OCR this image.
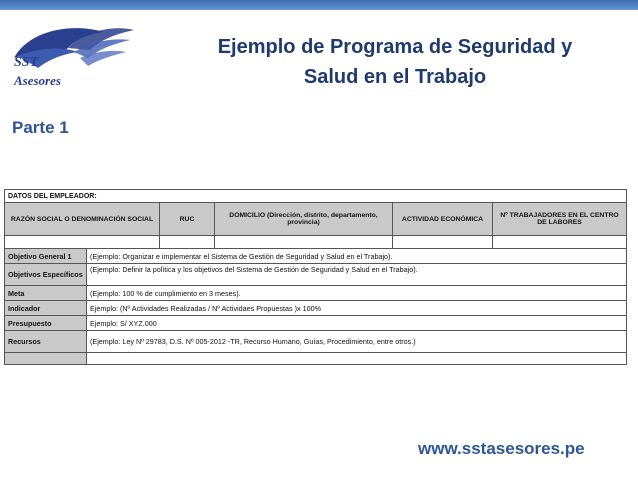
SST
Asesores
Ejemplo de Programa de Seguridad y
Salud en el Trabajo
Parte 1
DATOS DEL EMPLEADOR:					
RAZÓN SOCIAL O DENOMINACIÓN SOCIAL		RUC	DOMICILIO (Dirección, distrito, departamento, provincia)	ACTIVIDAD ECONÓMICA	Nº TRABAJADORES EN EL CENTRO DE LABORES

Objetivo General 1	(Ejemplo: Organizar e implementar el Sistema de Gestión de Seguridad y Salud en el Trabajo).				
Objetivos Específicos	(Ejemplo: Definir la política y los objetivos del Sistema de Gestión de Seguridad y Salud en el Trabajo).				
Meta	(Ejemplo: 100 % de cumplimiento en 3 meses).				
Indicador	Ejemplo: (Nº Actividades Realizadas / Nº Actividaes Propuestas )x 100%				
Presupuesto	Ejemplo: S/ XYZ.000				
Recursos	(Ejemplo: Ley Nº 29783, D.S. Nº 005-2012 -TR, Recurso Humano, Guías, Procedimiento, entre otros.)				

www.sstasesores.pe
